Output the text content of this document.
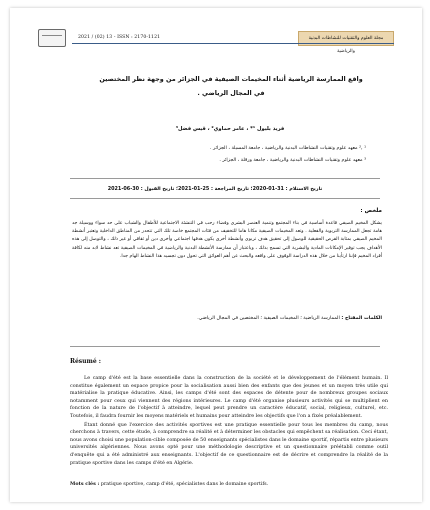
2021 / (02) 13 - ISSN : 2170-1121	مجلة العلوم والتقنيات للنشاطات البدنية والرياضية
واقع الممارسة الرياضية أثناء المخيمات الصيفية في الجزائر من وجهة نظر المختصين
في المجال الرياضي .
فريد بليول ¹* ، عامر حماوي² ، قيس فضل³
¹ ,² معهد علوم وتقنيات النشاطات البدنية والرياضية ، جامعة المسيلة ، الجزائر .
³ معهد علوم وتقنيات النشاطات البدنية والرياضية ، جامعة ورقلة ، الجزائر .
تاريخ الاستلام : 31-01-2020؛ تاريخ المراجعة : 25-01-2021؛ تاريخ القبول : 30-06-2021
ملخص :
يشكل المخيم الصيفي قاعدة أساسية في بناء المجتمع وتنمية العنصر البشري وفضاء رحب في التنشئة الاجتماعية للأطفال والشباب على حد سواء ووسيلة جد هامة تجعل الممارسة التربوية والفعلية . وتعد المخيمات الصيفية مكانا هاما للتخفيف من فئات المجتمع خاصة تلك التي تتحدر من المناطق الداخلية وتعتبر أنشطة المخيم الصيفي بمثابة الفرص الحقيقية للوصول إلى تحقيق هدف تربوي وأنشطة أخرى يكون هدفها اجتماعي وأخرى دين أو ثقافي أو غير ذلك ، والتوصل إلى هذه الأهداف يجب توفير الإمكانات المادية والبشرية التي تسمح بذلك ، وباعتبار أن ممارسة الأنشطة البدنية والرياضية في المخيمات الصيفية تعد نشاط لابد منه لكافة أفراد المخيم فإننا ارتأينا من خلال هذه الدراسة الوقوف على واقعه والبحث عن أهم العوائق التي تحول دون تجسيد هذا النشاط الهام جدا.
الكلمات المفتاح : الممارسة الرياضية ؛ المخيمات الصيفية ؛ المختصين في المجال الرياضي.
Résumé :

Le camp d'été est la base essentielle dans la construction de la société et le développement de l'élément humain. Il constitue également un espace propice pour la socialisation aussi bien des enfants que des jeunes et un moyen très utile qui matérialise la pratique éducative. Ainsi, les camps d'été sont des espaces de détente pour de nombreux groupes sociaux notamment pour ceux qui viennent des régions intérieures. Le camp d'été organise plusieurs activités qui se multiplient en fonction de la nature de l'objectif à atteindre, lequel peut prendre un caractère éducatif, social, religieux, culturel, etc. Toutefois, il faudra fournir les moyens matériels et humains pour atteindre les objectifs que l'on a fixés préalablement.

Étant donné que l'exercice des activités sportives est une pratique essentielle pour tous les membres du camp, nous cherchons à travers, cette étude, à comprendre sa réalité et à déterminer les obstacles qui empêchent sa réalisation. Ceci étant, nous avons choisi une population-cible composée de 50 enseignants spécialistes dans le domaine sportif, répartis entre plusieurs universités algériennes. Nous avons opté pour une méthodologie descriptive et un questionnaire préétabli comme outil d'enquête qui a été administré aux enseignants. L'objectif de ce questionnaire est de décrire et comprendre la réalité de la pratique sportive dans les camps d'été en Algérie.

Mots clés : pratique sportive, camp d'été, spécialistes dans le domaine sportifs.
